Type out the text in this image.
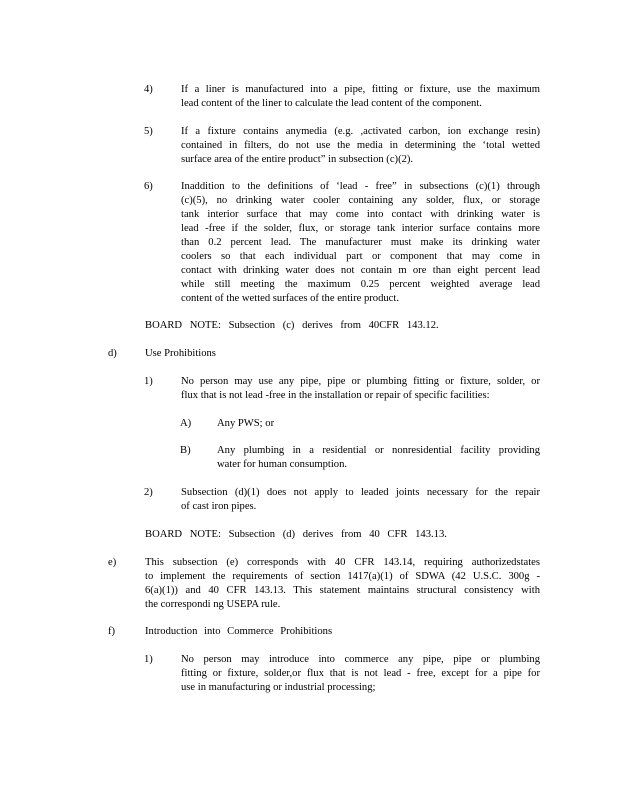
4)	If a liner is manufactured into a pipe, fitting or fixture, use the maximum
lead content of the liner to calculate the lead content of the component.
5)	If a fixture contains anymedia (e.g. ,activated carbon, ion exchange resin)
contained in filters, do not use the media in determining the ‘total wetted
surface area of the entire product” in subsection (c)(2).
6)	Inaddition to the definitions of ‘lead - free” in subsections (c)(1) through
(c)(5), no drinking water cooler containing any solder, flux, or storage
tank interior surface that may come into contact with drinking water is
lead -free if the solder, flux, or storage tank interior surface contains more
than 0.2 percent lead. The manufacturer must make its drinking water
coolers so that each individual part or component that may come in
contact with drinking water does not contain m ore than eight percent lead
while still meeting the maximum 0.25 percent weighted average lead
content of the wetted surfaces of the entire product.
BOARD NOTE: Subsection (c) derives from 40CFR 143.12.
d)	Use Prohibitions
1)	No person may use any pipe, pipe or plumbing fitting or fixture, solder, or
flux that is not lead -free in the installation or repair of specific facilities:
A) Any PWS; or
B) Any plumbing in a residential or nonresidential facility providing
water for human consumption.
2)	Subsection (d)(1) does not apply to leaded joints necessary for the repair
of cast iron pipes.
BOARD NOTE: Subsection (d) derives from 40 CFR 143.13.
e)	This subsection (e) corresponds with 40 CFR 143.14, requiring authorizedstates
to implement the requirements of section 1417(a)(1) of SDWA (42 U.S.C. 300g -
6(a)(1)) and 40 CFR 143.13. This statement maintains structural consistency with
the correspondi ng USEPA rule.
f)	Introduction into Commerce Prohibitions
1)	No person may introduce into commerce any pipe, pipe or plumbing
fitting or fixture, solder,or flux that is not lead - free, except for a pipe for
use in manufacturing or industrial processing;
